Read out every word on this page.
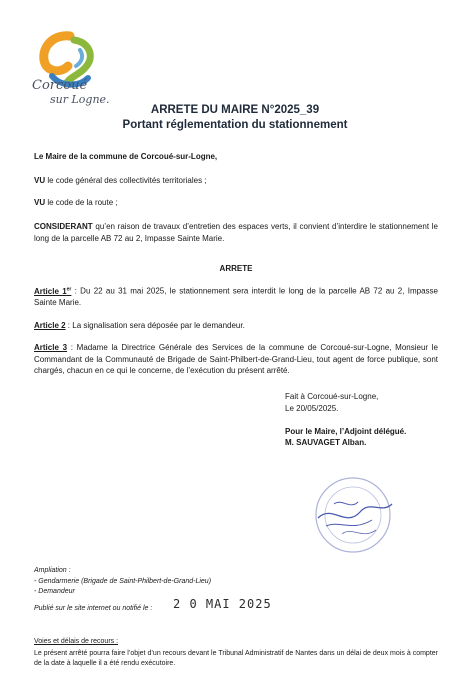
Corcoué
sur Logne.
ARRETE DU MAIRE N°2025_39
Portant réglementation du stationnement
Le Maire de la commune de Corcoué-sur-Logne,
VU le code général des collectivités territoriales ;
VU le code de la route ;
CONSIDERANT qu’en raison de travaux d’entretien des espaces verts, il convient d’interdire le stationnement le long de la parcelle AB 72 au 2, Impasse Sainte Marie.
ARRETE
Article 1er : Du 22 au 31 mai 2025, le stationnement sera interdit le long de la parcelle AB 72 au 2, Impasse Sainte Marie.
Article 2 : La signalisation sera déposée par le demandeur.
Article 3 : Madame la Directrice Générale des Services de la commune de Corcoué-sur-Logne, Monsieur le Commandant de la Communauté de Brigade de Saint-Philbert-de-Grand-Lieu, tout agent de force publique, sont chargés, chacun en ce qui le concerne, de l’exécution du présent arrêté.
Fait à Corcoué-sur-Logne,
Le 20/05/2025.
Pour le Maire, l’Adjoint délégué.
M. SAUVAGET Alban.
Ampliation :
- Gendarmerie (Brigade de Saint-Philbert-de-Grand-Lieu)
- Demandeur
Publié sur le site internet ou notifié le : 2 0 MAI 2025
Voies et délais de recours :
Le présent arrêté pourra faire l’objet d’un recours devant le Tribunal Administratif de Nantes dans un délai de deux mois à compter de la date à laquelle il a été rendu exécutoire.
